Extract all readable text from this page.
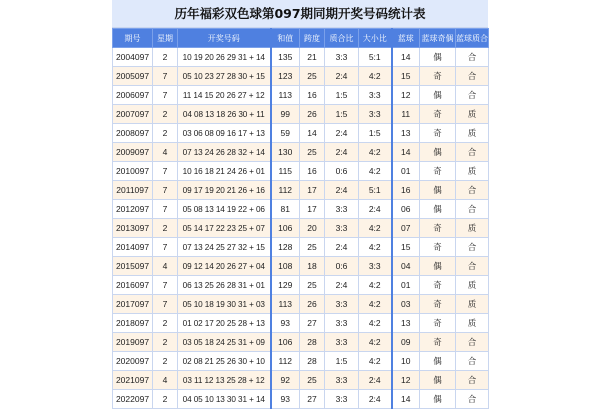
历年福彩双色球第097期同期开奖号码统计表
期号	星期	开奖号码	和值	跨度	质合比	大小比	蓝球	蓝球奇偶	蓝球质合
2004097	2	10 19 20 26 29 31 + 14	135	21	3:3	5:1	14	偶	合
2005097	7	05 10 23 27 28 30 + 15	123	25	2:4	4:2	15	奇	合
2006097	7	11 14 15 20 26 27 + 12	113	16	1:5	3:3	12	偶	合
2007097	2	04 08 13 18 26 30 + 11	99	26	1:5	3:3	11	奇	质
2008097	2	03 06 08 09 16 17 + 13	59	14	2:4	1:5	13	奇	质
2009097	4	07 13 24 26 28 32 + 14	130	25	2:4	4:2	14	偶	合
2010097	7	10 16 18 21 24 26 + 01	115	16	0:6	4:2	01	奇	质
2011097	7	09 17 19 20 21 26 + 16	112	17	2:4	5:1	16	偶	合
2012097	7	05 08 13 14 19 22 + 06	81	17	3:3	2:4	06	偶	合
2013097	2	05 14 17 22 23 25 + 07	106	20	3:3	4:2	07	奇	质
2014097	7	07 13 24 25 27 32 + 15	128	25	2:4	4:2	15	奇	合
2015097	4	09 12 14 20 26 27 + 04	108	18	0:6	3:3	04	偶	合
2016097	7	06 13 25 26 28 31 + 01	129	25	2:4	4:2	01	奇	质
2017097	7	05 10 18 19 30 31 + 03	113	26	3:3	4:2	03	奇	质
2018097	2	01 02 17 20 25 28 + 13	93	27	3:3	4:2	13	奇	质
2019097	2	03 05 18 24 25 31 + 09	106	28	3:3	4:2	09	奇	合
2020097	2	02 08 21 25 26 30 + 10	112	28	1:5	4:2	10	偶	合
2021097	4	03 11 12 13 25 28 + 12	92	25	3:3	2:4	12	偶	合
2022097	2	04 05 10 13 30 31 + 14	93	27	3:3	2:4	14	偶	合
